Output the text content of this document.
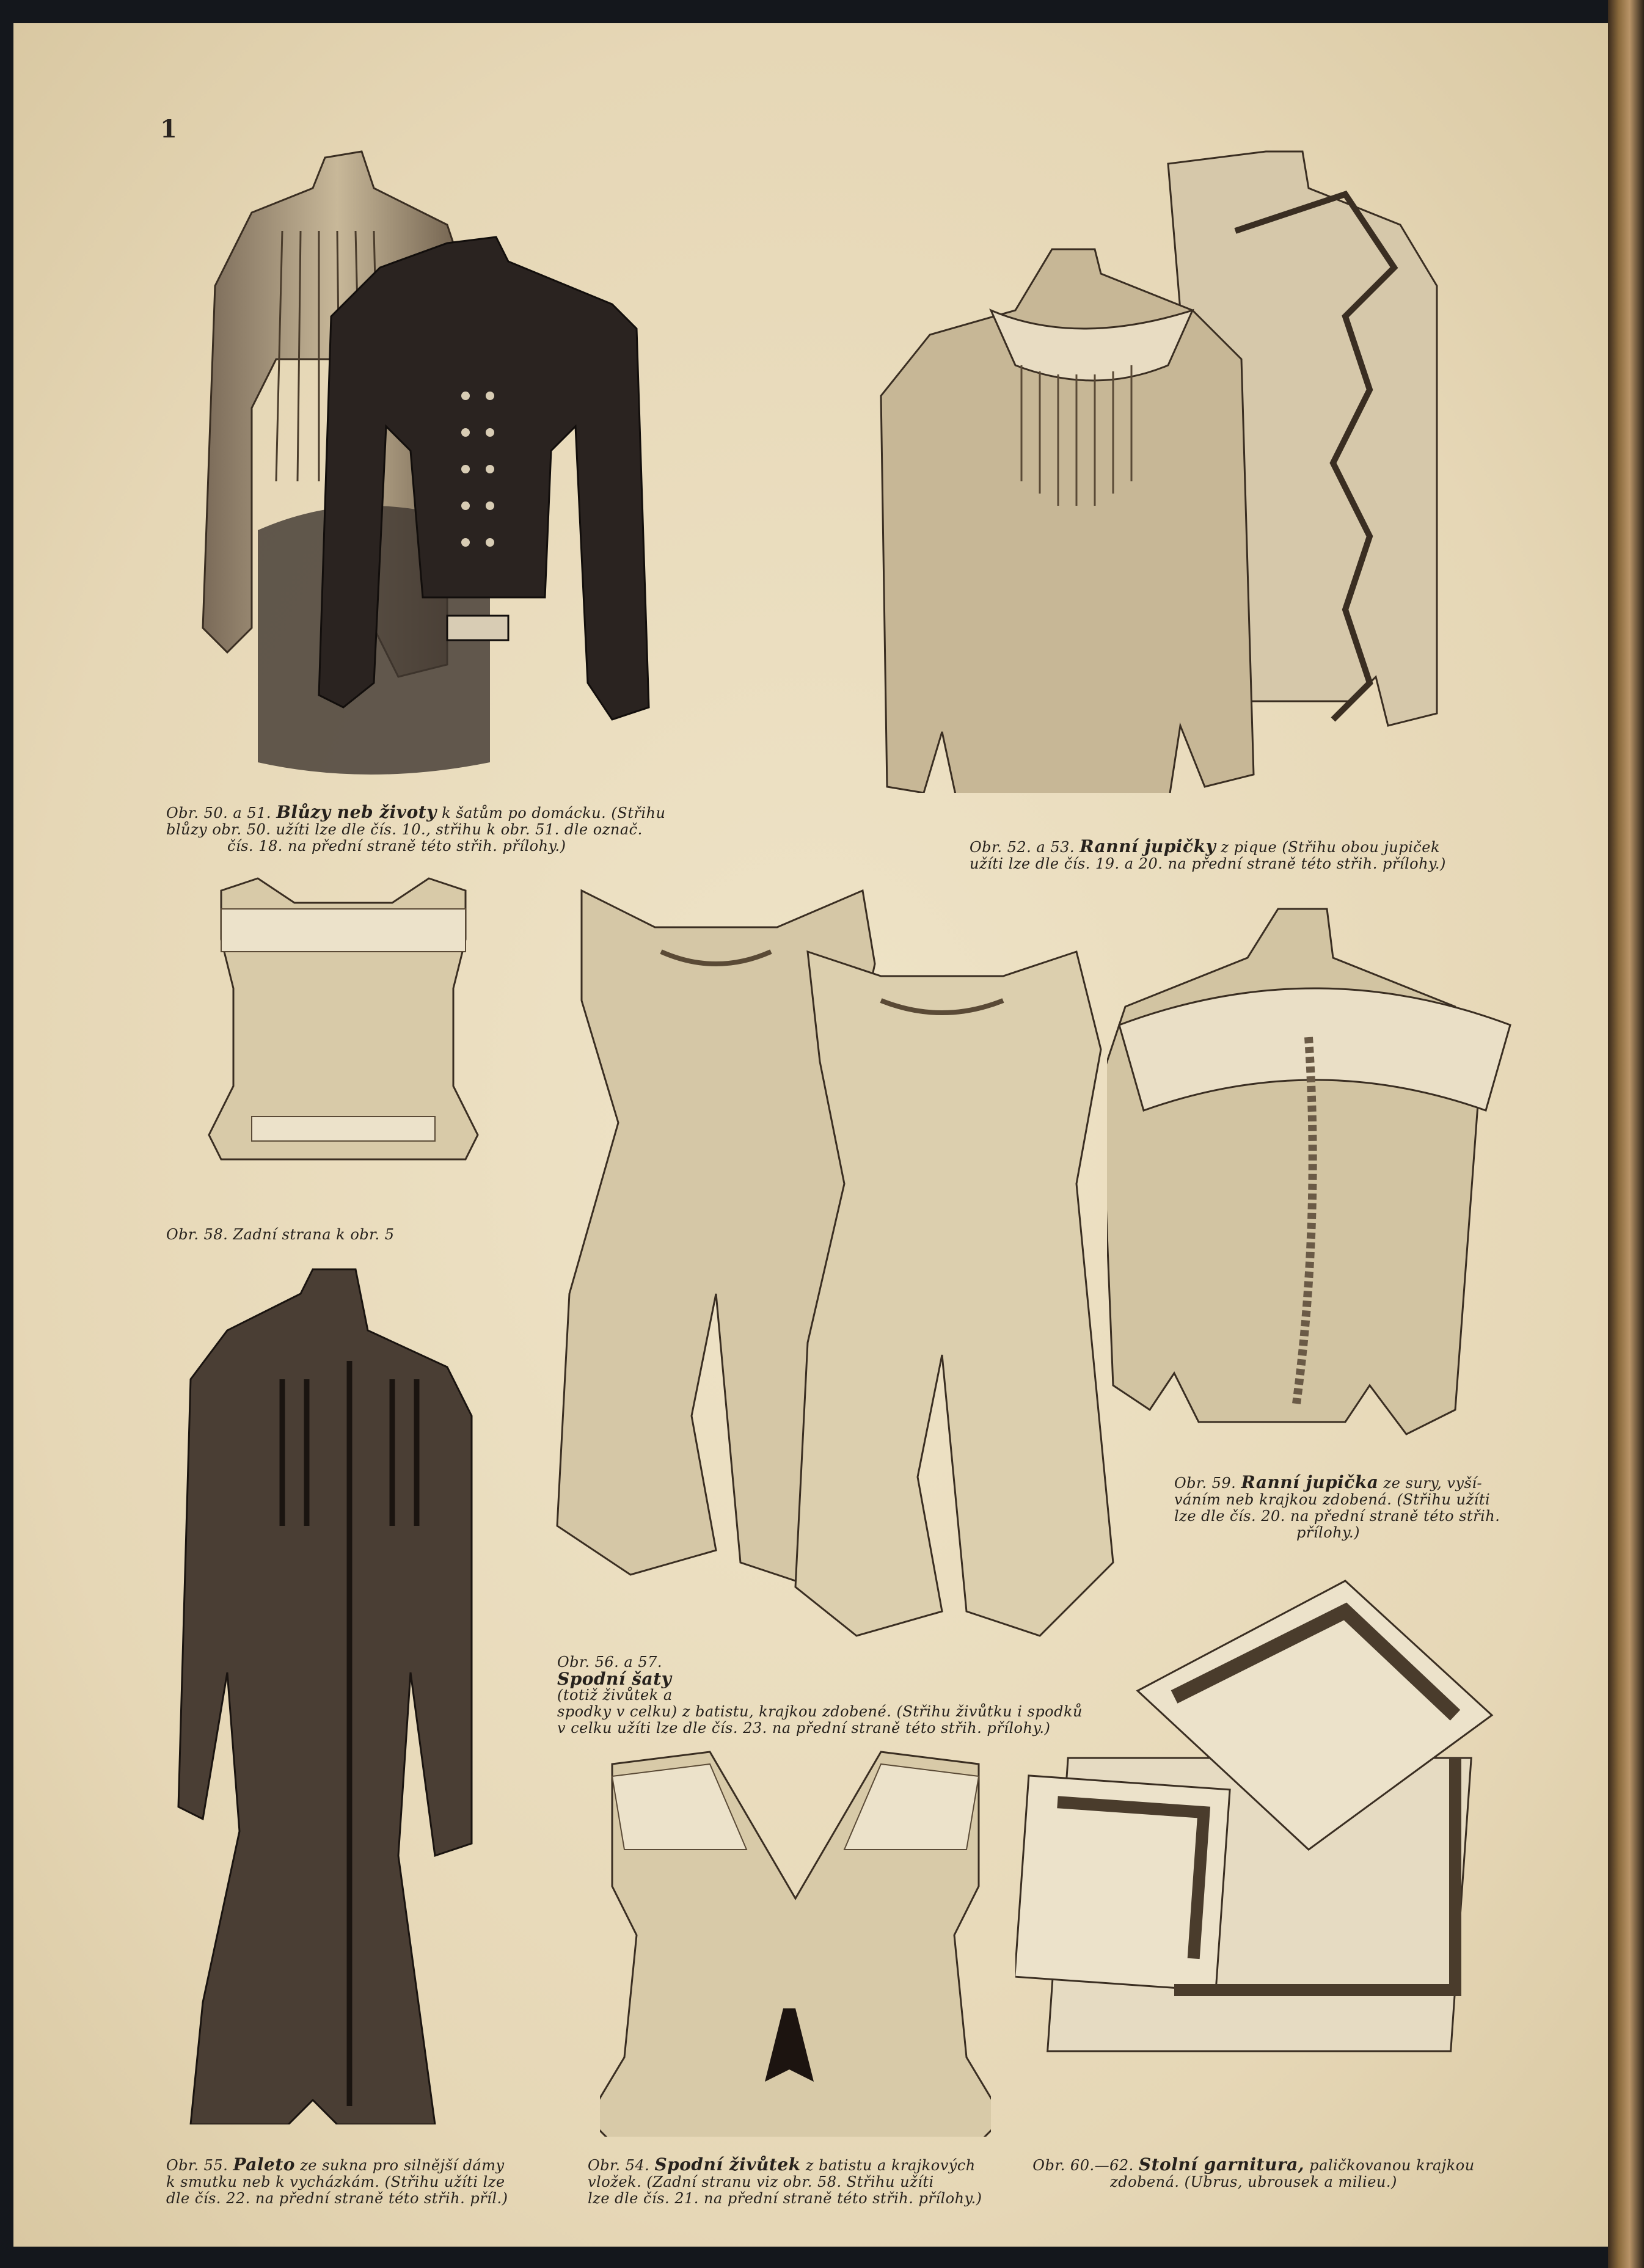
1
Obr. 50. a 51. Blůzy neb životy k šatům po domácku. (Střihu
blůzy obr. 50. užíti lze dle čís. 10., střihu k obr. 51. dle označ.
čís. 18. na přední straně této střih. přílohy.)	Obr. 52. a 53. Ranní jupičky z pique (Střihu obou jupiček
užíti lze dle čís. 19. a 20. na přední straně této střih. přílohy.)
Obr. 58. Zadní strana k obr. 5
Obr. 56. a 57.
Spodní šaty
(totiž živůtek a
spodky v celku) z batistu, krajkou zdobené. (Střihu živůtku i spodků
v celku užíti lze dle čís. 23. na přední straně této střih. přílohy.)
Obr. 59. Ranní jupička ze sury, vyší-
váním neb krajkou zdobená. (Střihu užíti
lze dle čís. 20. na přední straně této střih.
přílohy.)
Obr. 55. Paleto ze sukna pro silnější dámy
k smutku neb k vycházkám. (Střihu užíti lze
dle čís. 22. na přední straně této střih. příl.)
Obr. 54. Spodní živůtek z batistu a krajkových
vložek. (Zadní stranu viz obr. 58. Střihu užíti
lze dle čís. 21. na přední straně této střih. přílohy.)
Obr. 60.—62. Stolní garnitura, paličkovanou krajkou
zdobená. (Ubrus, ubrousek a milieu.)
